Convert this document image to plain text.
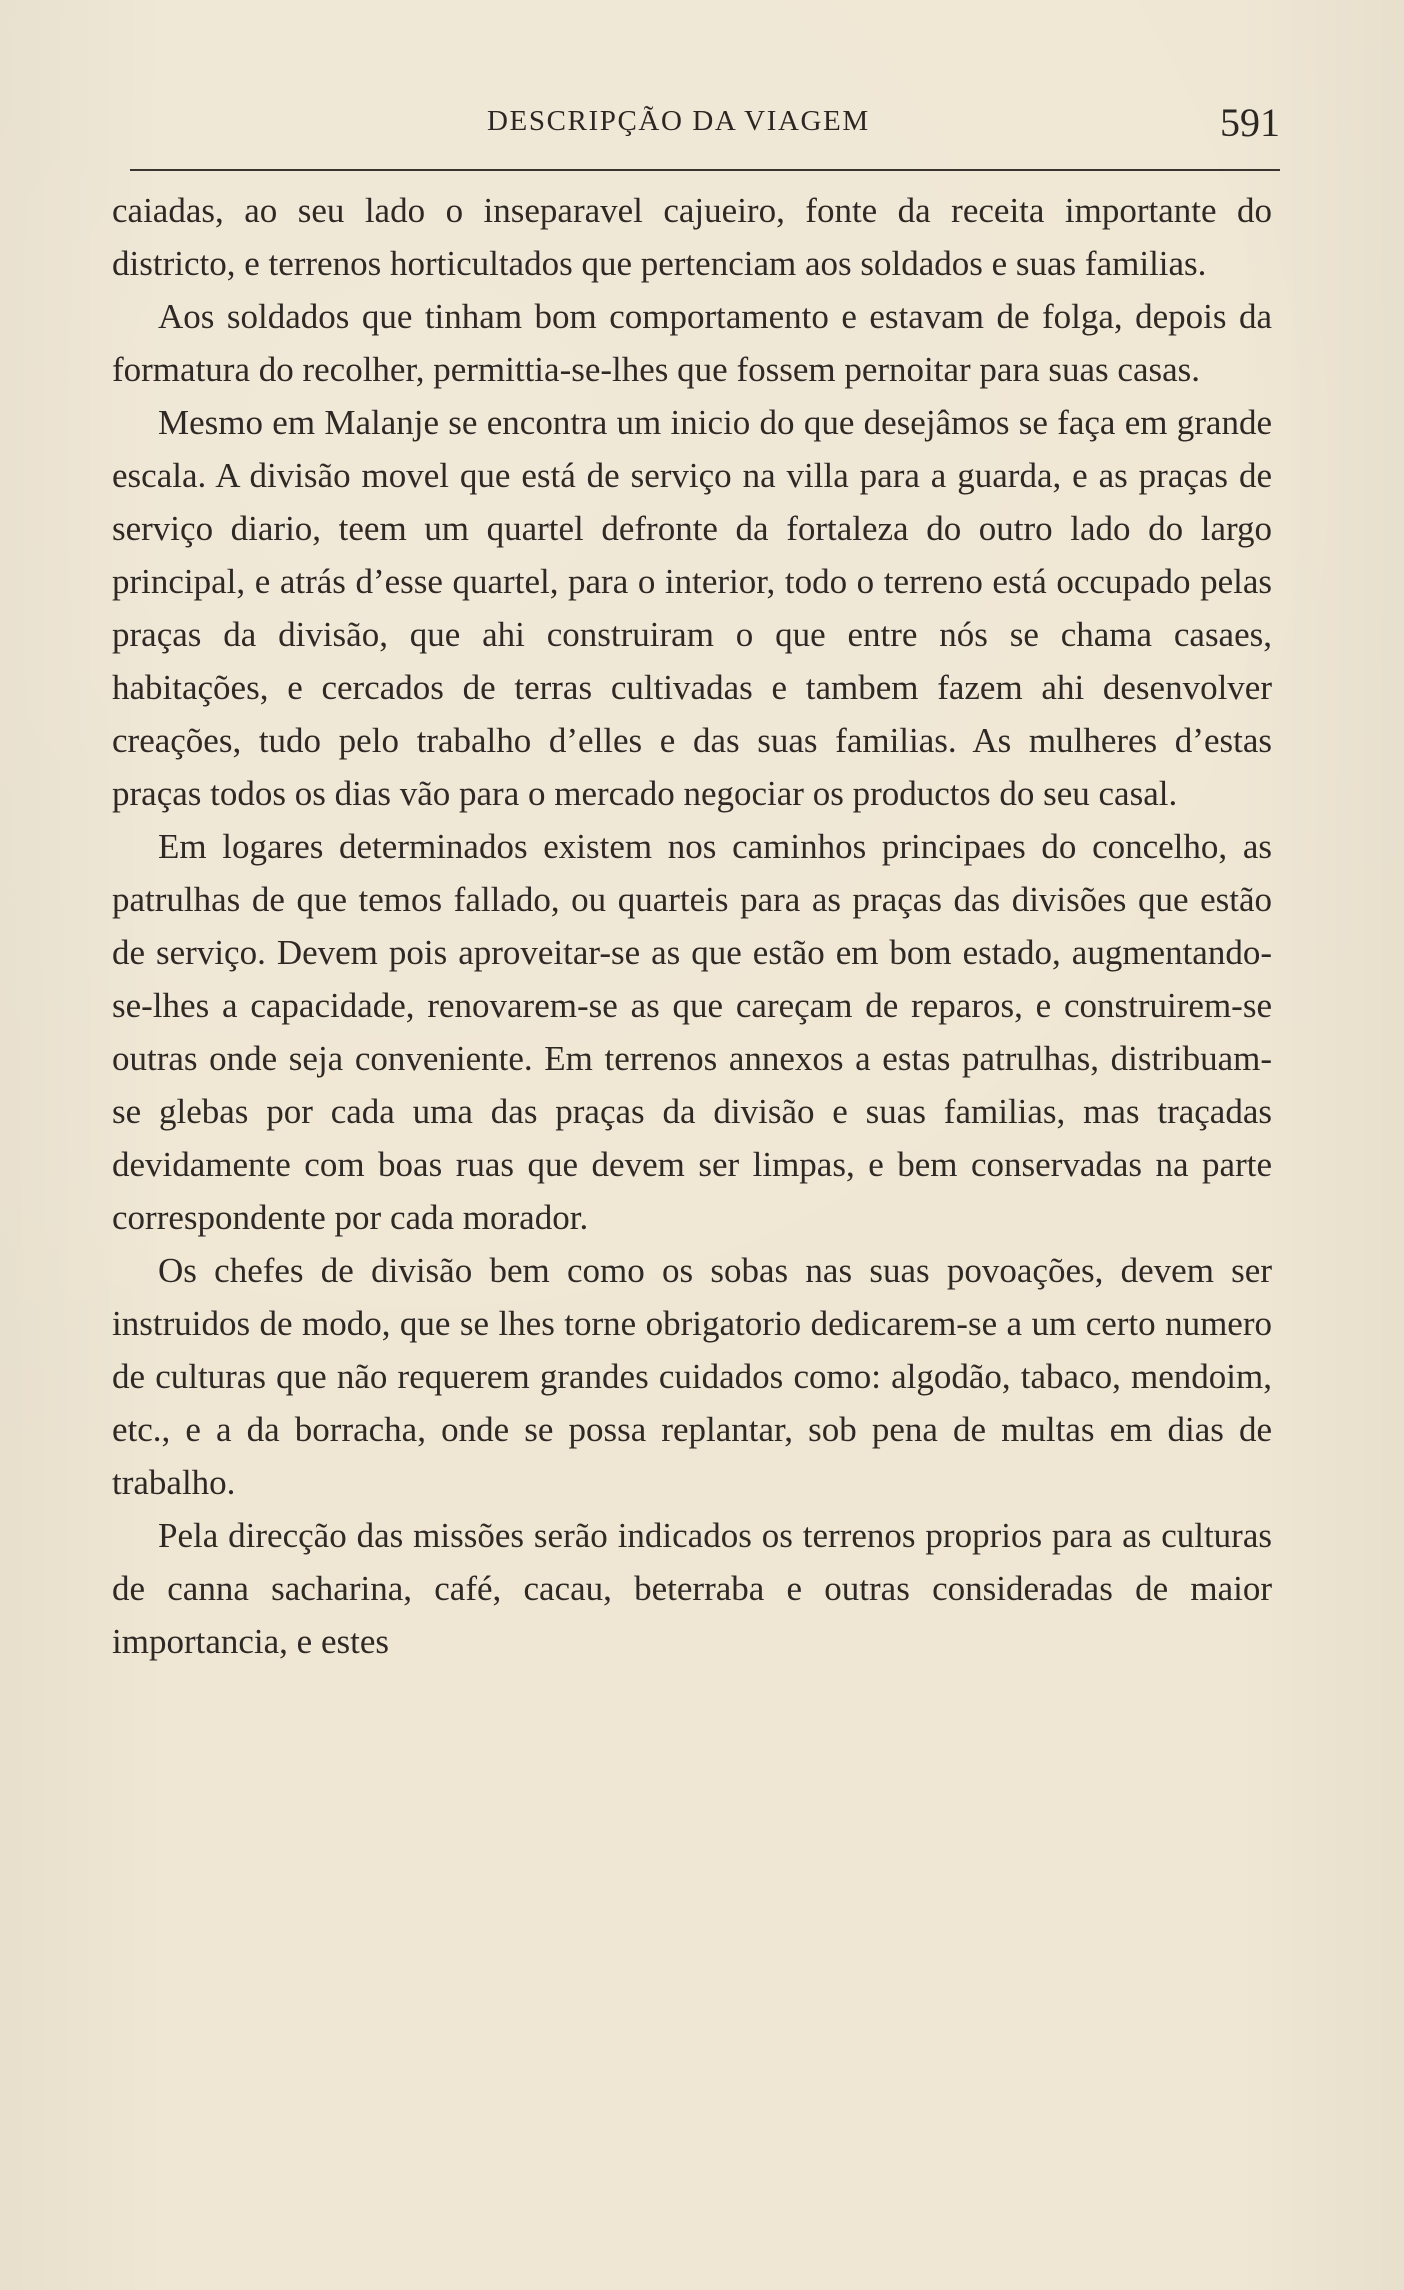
DESCRIPÇÃO DA VIAGEM	591

caiadas, ao seu lado o inseparavel cajueiro, fonte da receita importante do districto, e terrenos horticultados que pertenciam aos soldados e suas familias.

Aos soldados que tinham bom comportamento e estavam de folga, depois da formatura do recolher, permittia-se-lhes que fossem pernoitar para suas casas.

Mesmo em Malanje se encontra um inicio do que desejâmos se faça em grande escala. A divisão movel que está de serviço na villa para a guarda, e as praças de serviço diario, teem um quartel defronte da fortaleza do outro lado do largo principal, e atrás d’esse quartel, para o interior, todo o terreno está occupado pelas praças da divisão, que ahi construiram o que entre nós se chama casaes, habitações, e cercados de terras cultivadas e tambem fazem ahi desenvolver creações, tudo pelo trabalho d’elles e das suas familias. As mulheres d’estas praças todos os dias vão para o mercado negociar os productos do seu casal.

Em logares determinados existem nos caminhos principaes do concelho, as patrulhas de que temos fallado, ou quarteis para as praças das divisões que estão de serviço. Devem pois aproveitar-se as que estão em bom estado, augmentando-se-lhes a capacidade, renovarem-se as que careçam de reparos, e construirem-se outras onde seja conveniente. Em terrenos annexos a estas patrulhas, distribuam-se glebas por cada uma das praças da divisão e suas familias, mas traçadas devidamente com boas ruas que devem ser limpas, e bem conservadas na parte correspondente por cada morador.

Os chefes de divisão bem como os sobas nas suas povoações, devem ser instruidos de modo, que se lhes torne obrigatorio dedicarem-se a um certo numero de culturas que não requerem grandes cuidados como: algodão, tabaco, mendoim, etc., e a da borracha, onde se possa replantar, sob pena de multas em dias de trabalho.

Pela direcção das missões serão indicados os terrenos proprios para as culturas de canna sacharina, café, cacau, beterraba e outras consideradas de maior importancia, e estes
